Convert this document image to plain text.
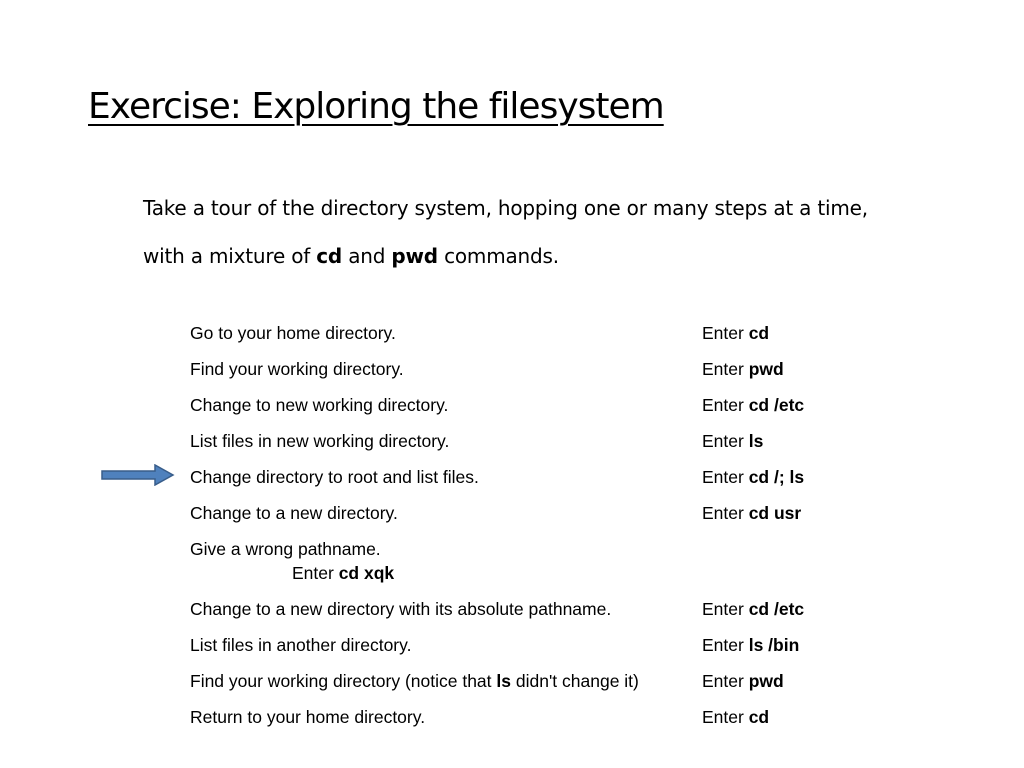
Exercise: Exploring the filesystem
Take a tour of the directory system, hopping one or many steps at a time,
with a mixture of cd and pwd commands.
Go to your home directory.	Enter cd
Find your working directory.	Enter pwd
Change to new working directory.	Enter cd /etc
List files in new working directory.	Enter ls
Change directory to root and list files.	Enter cd /; ls
Change to a new directory.	Enter cd usr
Give a wrong pathname.
Enter cd xqk
Change to a new directory with its absolute pathname.	Enter cd /etc
List files in another directory.	Enter ls /bin
Find your working directory (notice that ls didn't change it)	Enter pwd
Return to your home directory.	Enter cd
